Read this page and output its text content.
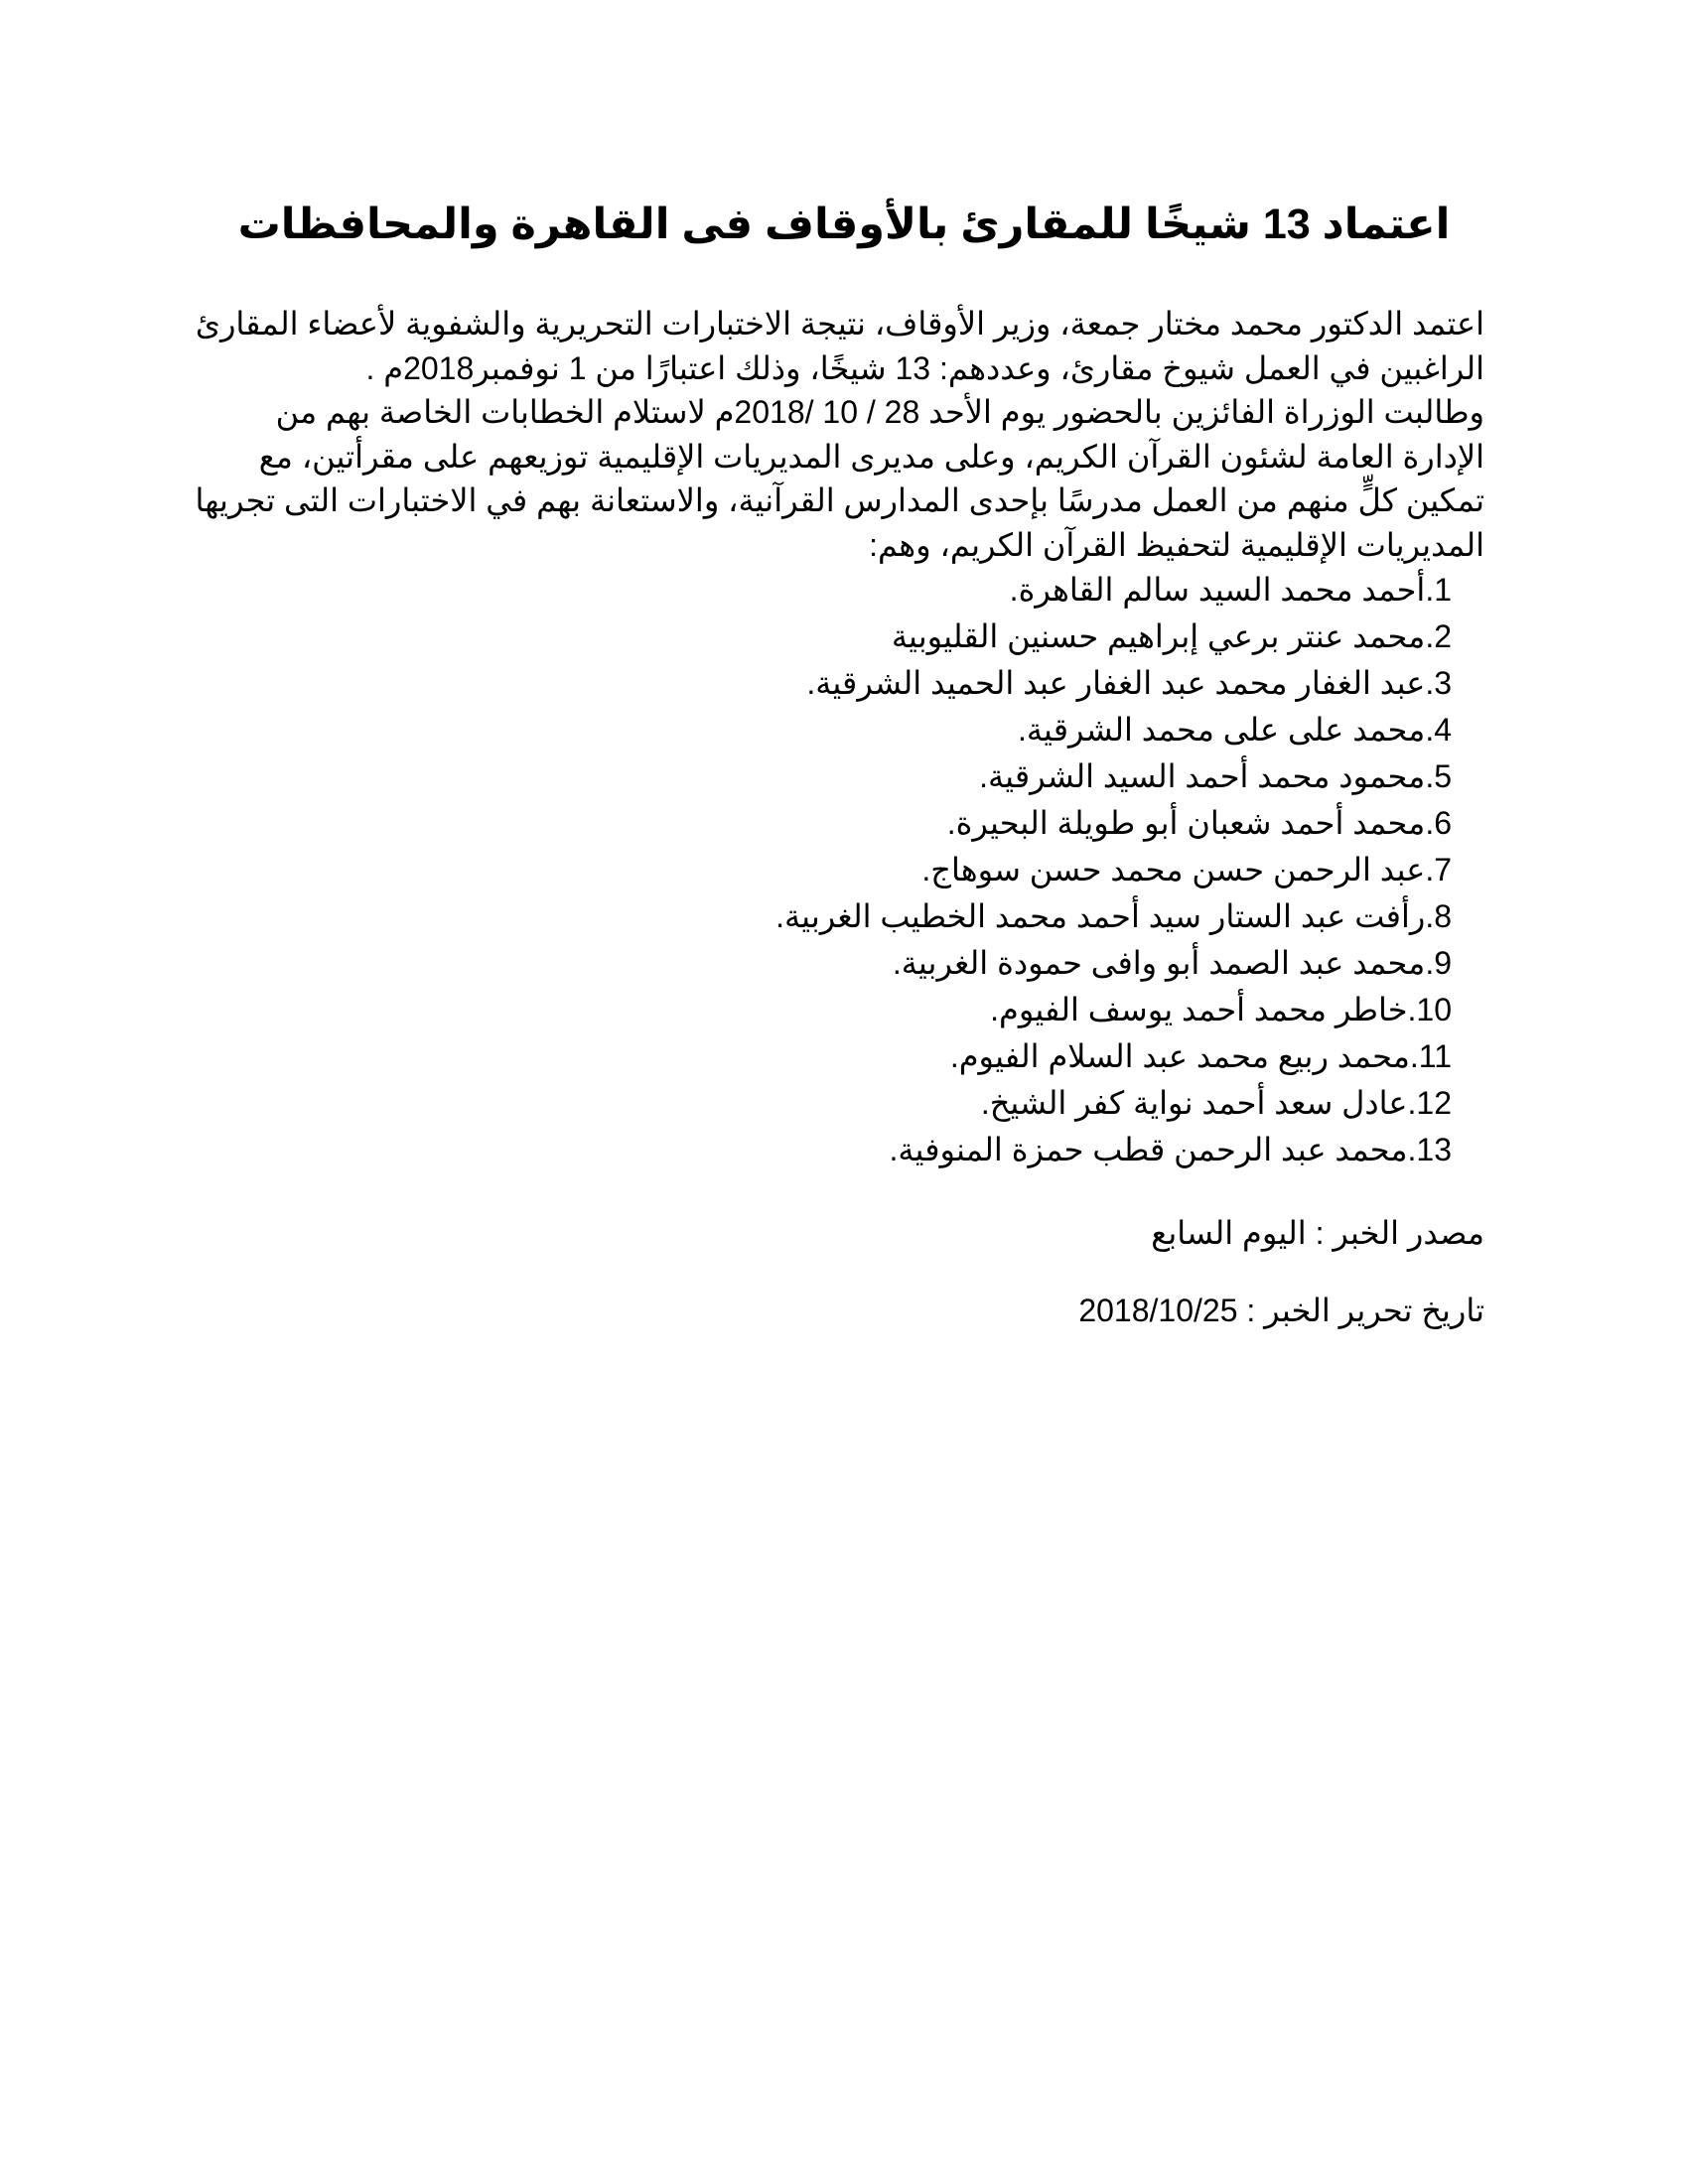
اعتماد 13 شيخًا للمقارئ بالأوقاف فى القاهرة والمحافظات

اعتمد الدكتور محمد مختار جمعة، وزير الأوقاف، نتيجة الاختبارات التحريرية والشفوية لأعضاء المقارئ الراغبين في العمل شيوخ مقارئ، وعددهم: 13 شيخًا، وذلك اعتبارًا من 1 نوفمبر2018م .

وطالبت الوزراة الفائزين بالحضور يوم الأحد 28 / 10 /2018م لاستلام الخطابات الخاصة بهم من الإدارة العامة لشئون القرآن الكريم، وعلى مديرى المديريات الإقليمية توزيعهم على مقرأتين، مع تمكين كلٍّ منهم من العمل مدرسًا بإحدى المدارس القرآنية، والاستعانة بهم في الاختبارات التى تجريها المديريات الإقليمية لتحفيظ القرآن الكريم، وهم:

1.أحمد محمد السيد سالم القاهرة.
2.محمد عنتر برعي إبراهيم حسنين القليوبية
3.عبد الغفار محمد عبد الغفار عبد الحميد الشرقية.
4.محمد على على محمد الشرقية.
5.محمود محمد أحمد السيد الشرقية.
6.محمد أحمد شعبان أبو طويلة البحيرة.
7.عبد الرحمن حسن محمد حسن سوهاج.
8.رأفت عبد الستار سيد أحمد محمد الخطيب الغربية.
9.محمد عبد الصمد أبو وافى حمودة الغربية.
10.خاطر محمد أحمد يوسف الفيوم.
11.محمد ربيع محمد عبد السلام الفيوم.
12.عادل سعد أحمد نواية كفر الشيخ.
13.محمد عبد الرحمن قطب حمزة المنوفية.

مصدر الخبر : اليوم السابع

تاريخ تحرير الخبر : 2018/10/25
